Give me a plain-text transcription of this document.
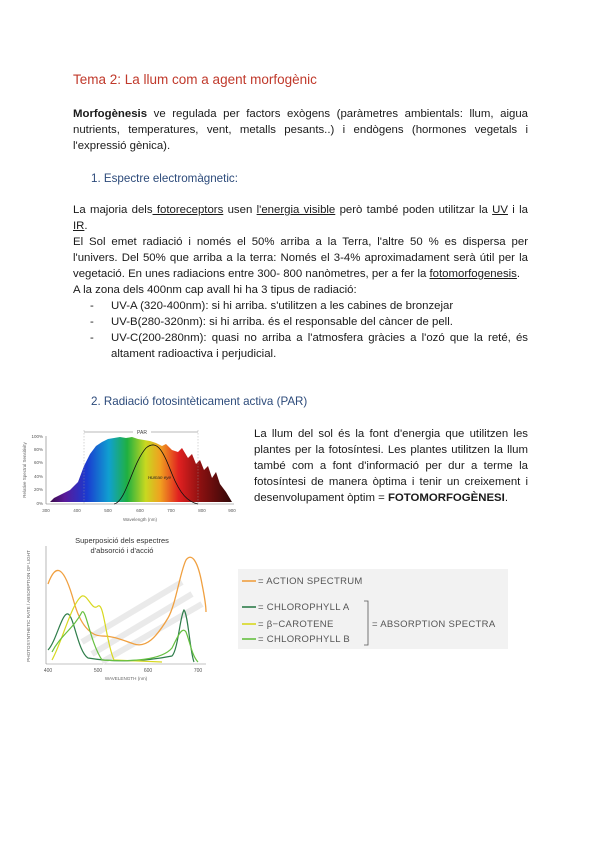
Tema 2: La llum com a agent morfogènic
Morfogènesis ve regulada per factors exògens (paràmetres ambientals: llum, aigua nutrients, temperatures, vent, metalls pesants..) i endògens (hormones vegetals i l'expressió gènica).
1. Espectre electromàgnetic:
La majoria dels fotoreceptors usen l'energia visible però també poden utilitzar la UV i la IR.
El Sol emet radiació i només el 50% arriba a la Terra, l'altre 50 % es dispersa per l'univers. Del 50% que arriba a la terra: Només el 3-4% aproximadament serà útil per la vegetació. En unes radiacions entre 300- 800 nanòmetres, per a fer la fotomorfogenesis.
A la zona dels 400nm cap avall hi ha 3 tipus de radiació:
- UV-A (320-400nm): si hi arriba. s'utilitzen a les cabines de bronzejar
- UV-B(280-320nm): si hi arriba. és el responsable del càncer de pell.
- UV-C(200-280nm): quasi no arriba a l'atmosfera gràcies a l'ozó que la reté, és altament radioactiva i perjudicial.
2. Radiació fotosintèticament activa (PAR)
La llum del sol és la font d'energia que utilitzen les plantes per la fotosíntesi. Les plantes utilitzen la llum també com a font d'informació per dur a terme la fotosíntesi de manera òptima i tenir un creixement i desenvolupament òptim = FOTOMORFOGÈNESI.
100%
80%
60%
40%
20%
0%
Relative Spectral Sensitivity
PAR
Human eye
300	400	500	600	700	800	900
Wavelength (nm)
Superposició dels espectres
d'absorció i d'acció
PHOTOSYNTHETIC RATE / ABSORPTION OF LIGHT
400	500	600	700
WAVELENGTH (nm)
= ACTION SPECTRUM
= CHLOROPHYLL A
= β−CAROTENE
= CHLOROPHYLL B
= ABSORPTION SPECTRA
